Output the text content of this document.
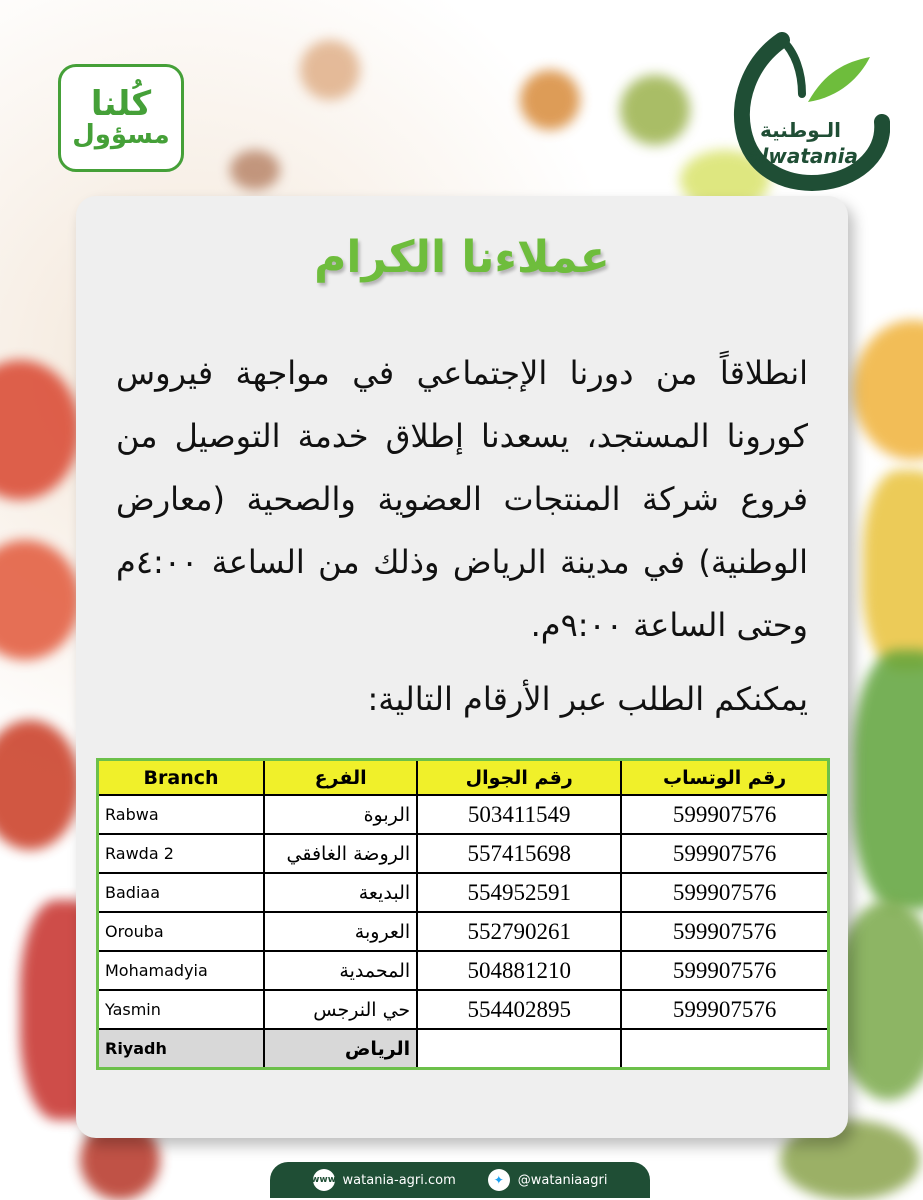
كُلنا
مسؤول	الـوطنية
alwatania
عملاءنا الكرام
انطلاقاً من دورنا الإجتماعي في مواجهة فيروس كورونا المستجد، يسعدنا إطلاق خدمة التوصيل من فروع شركة المنتجات العضوية والصحية (معارض الوطنية) في مدينة الرياض وذلك من الساعة ٤:٠٠م وحتى الساعة ٩:٠٠م.
يمكنكم الطلب عبر الأرقام التالية:
Branch	الفرع	رقم الجوال	رقم الوتساب
Rabwa	الربوة	503411549	599907576
Rawda 2	الروضة الغافقي	557415698	599907576
Badiaa	البديعة	554952591	599907576
Orouba	العروبة	552790261	599907576
Mohamadyia	المحمدية	504881210	599907576
Yasmin	حي النرجس	554402895	599907576
Riyadh	الرياض		
www watania-agri.com	✦	@wataniaagri
